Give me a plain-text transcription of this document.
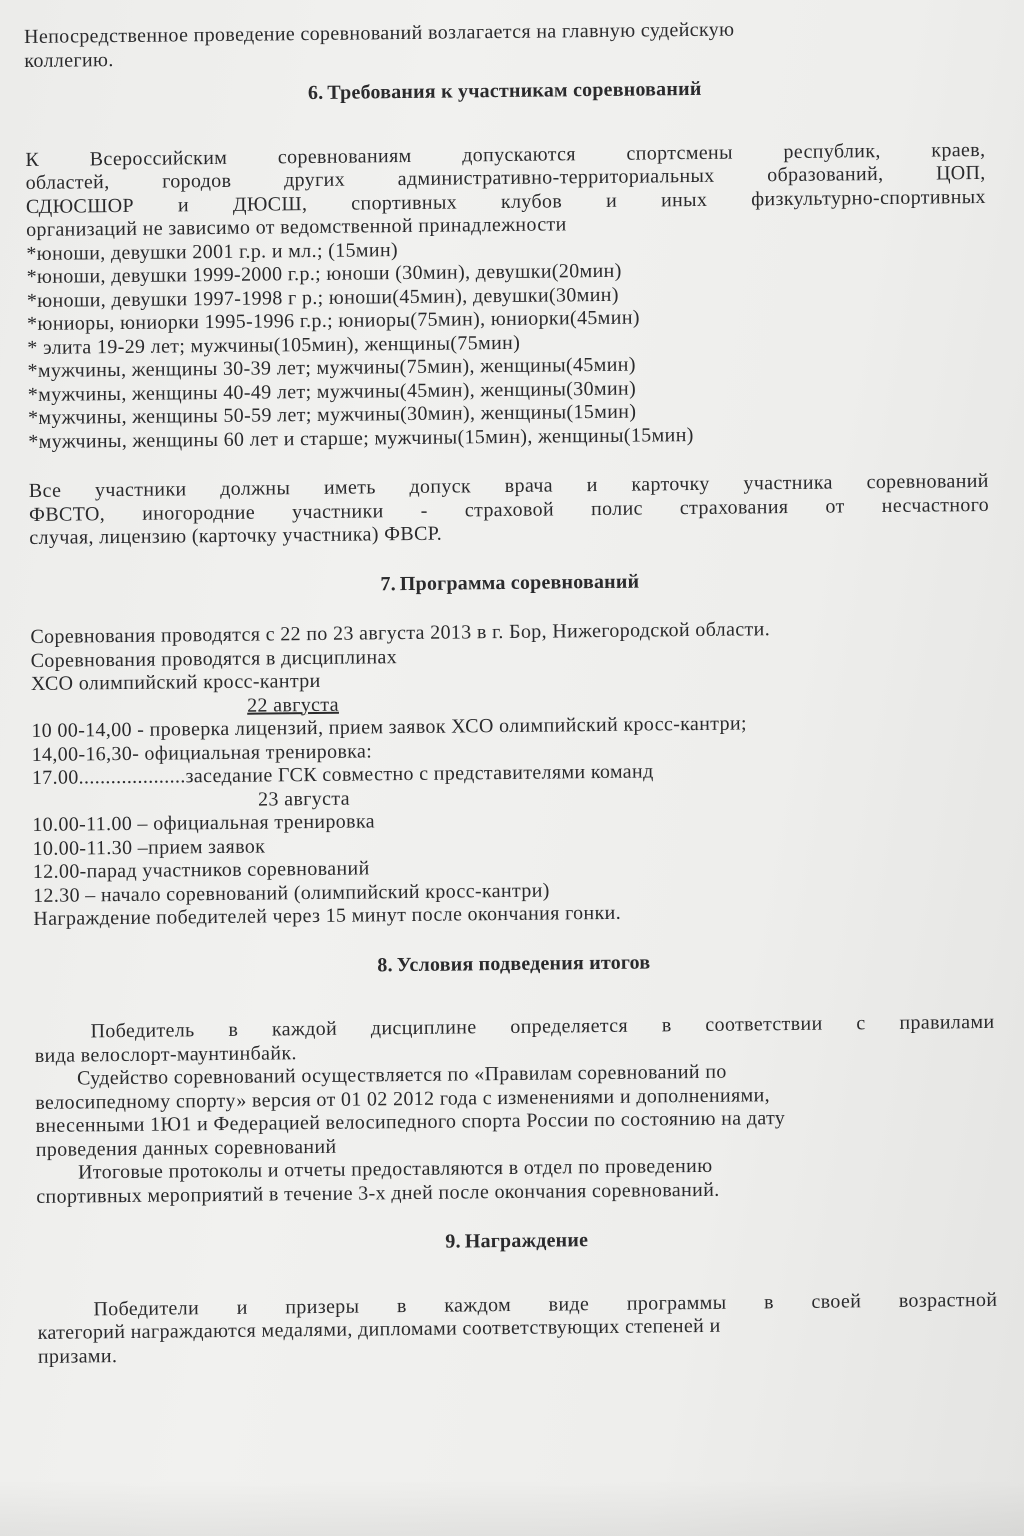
Непосредственное проведение соревнований возлагается на главную судейскую
коллегию.
6. Требования к участникам соревнований
К Всероссийским соревнованиям допускаются спортсмены республик, краев,
областей, городов других административно-территориальных образований, ЦОП,
СДЮСШОР и ДЮСШ, спортивных клубов и иных физкультурно-спортивных
организаций не зависимо от ведомственной принадлежности
*юноши, девушки 2001 г.р. и мл.; (15мин)
*юноши, девушки 1999-2000 г.р.; юноши (30мин), девушки(20мин)
*юноши, девушки 1997-1998 г р.; юноши(45мин), девушки(30мин)
*юниоры, юниорки 1995-1996 г.р.; юниоры(75мин), юниорки(45мин)
* элита 19-29 лет; мужчины(105мин), женщины(75мин)
*мужчины, женщины 30-39 лет; мужчины(75мин), женщины(45мин)
*мужчины, женщины 40-49 лет; мужчины(45мин), женщины(30мин)
*мужчины, женщины 50-59 лет; мужчины(30мин), женщины(15мин)
*мужчины, женщины 60 лет и старше; мужчины(15мин), женщины(15мин)
Все участники должны иметь допуск врача и карточку участника соревнований
ФВСТО, иногородние участники - страховой полис страхования от несчастного
случая, лицензию (карточку участника) ФВСР.
7. Программа соревнований
Соревнования проводятся с 22 по 23 августа 2013 в г. Бор, Нижегородской области.
Соревнования проводятся в дисциплинах
ХСО олимпийский кросс-кантри
22 августа
10 00-14,00 - проверка лицензий, прием заявок ХСО олимпийский кросс-кантри;
14,00-16,30- официальная тренировка:
17.00....................заседание ГСК совместно с представителями команд
23 августа
10.00-11.00 – официальная тренировка
10.00-11.30 –прием заявок
12.00-парад участников соревнований
12.30 – начало соревнований (олимпийский кросс-кантри)
Награждение победителей через 15 минут после окончания гонки.
8. Условия подведения итогов
Победитель в каждой дисциплине определяется в соответствии с правилами
вида велослорт-маунтинбайк.
Судейство соревнований осуществляется по «Правилам соревнований по
велосипедному спорту» версия от 01 02 2012 года с изменениями и дополнениями,
внесенными 1Ю1 и Федерацией велосипедного спорта России по состоянию на дату
проведения данных соревнований
Итоговые протоколы и отчеты предоставляются в отдел по проведению
спортивных мероприятий в течение 3-х дней после окончания соревнований.
9. Награждение
Победители и призеры в каждом виде программы в своей возрастной
категорий награждаются медалями, дипломами соответствующих степеней и
призами.
